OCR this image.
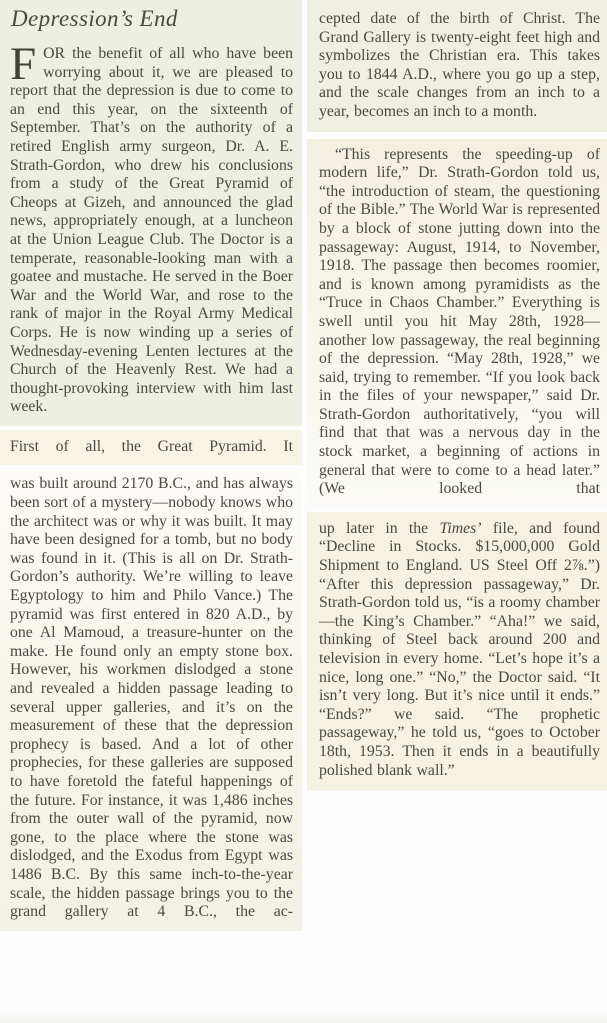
Depression’s End

FOR the benefit of all who have been worrying about it, we are pleased to report that the depression is due to come to an end this year, on the sixteenth of September. That’s on the authority of a retired English army surgeon, Dr. A. E. Strath-Gordon, who drew his conclusions from a study of the Great Pyramid of Cheops at Gizeh, and announced the glad news, appropriately enough, at a luncheon at the Union League Club. The Doctor is a temperate, reasonable-looking man with a goatee and mustache. He served in the Boer War and the World War, and rose to the rank of major in the Royal Army Medical Corps. He is now winding up a series of Wednesday-evening Lenten lectures at the Church of the Heavenly Rest. We had a thought-provoking interview with him last week.

First of all, the Great Pyramid. It

was built around 2170 B.C., and has always been sort of a mystery—nobody knows who the architect was or why it was built. It may have been designed for a tomb, but no body was found in it. (This is all on Dr. Strath-Gordon’s authority. We’re willing to leave Egyptology to him and Philo Vance.) The pyramid was first entered in 820 A.D., by one Al Mamoud, a treasure-hunter on the make. He found only an empty stone box. However, his workmen dislodged a stone and revealed a hidden passage leading to several upper galleries, and it’s on the measurement of these that the depression prophecy is based. And a lot of other prophecies, for these galleries are supposed to have foretold the fateful happenings of the future. For instance, it was 1,486 inches from the outer wall of the pyramid, now gone, to the place where the stone was dislodged, and the Exodus from Egypt was 1486 B.C. By this same inch-to-the-year scale, the hidden passage brings you to the grand gallery at 4 B.C., the ac-

cepted date of the birth of Christ. The Grand Gallery is twenty-eight feet high and symbolizes the Christian era. This takes you to 1844 A.D., where you go up a step, and the scale changes from an inch to a year, becomes an inch to a month.

“This represents the speeding-up of modern life,” Dr. Strath-Gordon told us, “the introduction of steam, the questioning of the Bible.” The World War is represented by a block of stone jutting down into the passageway: August, 1914, to November, 1918. The passage then becomes roomier, and is known among pyramidists as the “Truce in Chaos Chamber.” Everything is swell until you hit May 28th, 1928—another low passageway, the real beginning of the depression. “May 28th, 1928,” we said, trying to remember. “If you look back in the files of your newspaper,” said Dr. Strath-Gordon authoritatively, “you will find that that was a nervous day in the stock market, a beginning of actions in general that were to come to a head later.” (We looked that

up later in the Times’ file, and found “Decline in Stocks. $15,000,000 Gold Shipment to England. US Steel Off 2⅞.”) “After this depression passageway,” Dr. Strath-Gordon told us, “is a roomy chamber—the King’s Chamber.” “Aha!” we said, thinking of Steel back around 200 and television in every home. “Let’s hope it’s a nice, long one.” “No,” the Doctor said. “It isn’t very long. But it’s nice until it ends.” “Ends?” we said. “The prophetic passageway,” he told us, “goes to October 18th, 1953. Then it ends in a beautifully polished blank wall.”
